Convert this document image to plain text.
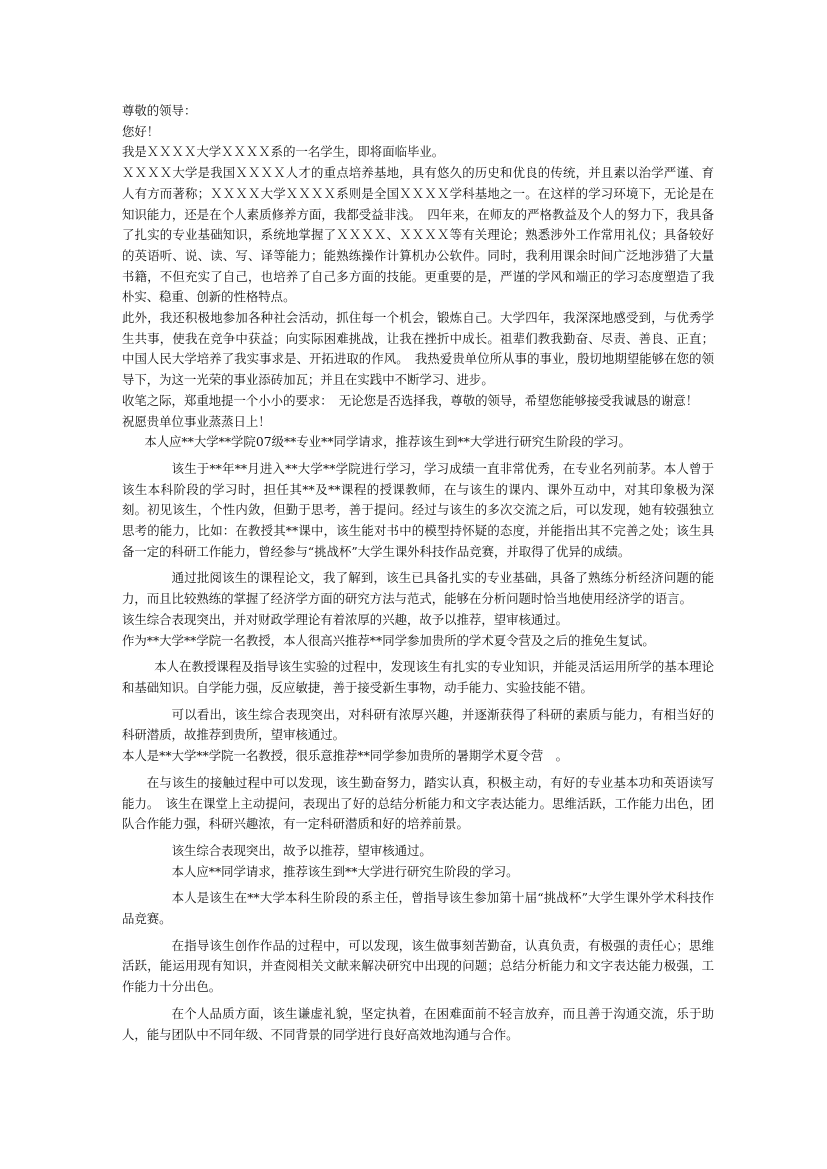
尊敬的领导：

您好！

我是ＸＸＸＸ大学ＸＸＸＸ系的一名学生，即将面临毕业。

ＸＸＸＸ大学是我国ＸＸＸＸ人才的重点培养基地，具有悠久的历史和优良的传统，并且素以治学严谨、育人有方而著称；ＸＸＸＸ大学ＸＸＸＸ系则是全国ＸＸＸＸ学科基地之一。在这样的学习环境下，无论是在知识能力，还是在个人素质修养方面，我都受益非浅。　四年来，在师友的严格教益及个人的努力下，我具备了扎实的专业基础知识，系统地掌握了ＸＸＸＸ、ＸＸＸＸ等有关理论；熟悉涉外工作常用礼仪；具备较好的英语听、说、读、写、译等能力；能熟练操作计算机办公软件。同时，我利用课余时间广泛地涉猎了大量书籍，不但充实了自己，也培养了自己多方面的技能。更重要的是，严谨的学风和端正的学习态度塑造了我朴实、稳重、创新的性格特点。

此外，我还积极地参加各种社会活动，抓住每一个机会，锻炼自己。大学四年，我深深地感受到，与优秀学生共事，使我在竞争中获益；向实际困难挑战，让我在挫折中成长。祖辈们教我勤奋、尽责、善良、正直；中国人民大学培养了我实事求是、开拓进取的作风。　我热爱贵单位所从事的事业，殷切地期望能够在您的领导下，为这一光荣的事业添砖加瓦；并且在实践中不断学习、进步。

收笔之际，郑重地提一个小小的要求：　无论您是否选择我，尊敬的领导，希望您能够接受我诚恳的谢意！

祝愿贵单位事业蒸蒸日上！

本人应**大学**学院07级**专业**同学请求，推荐该生到**大学进行研究生阶段的学习。

该生于**年**月进入**大学**学院进行学习，学习成绩一直非常优秀，在专业名列前茅。本人曾于该生本科阶段的学习时，担任其**及**课程的授课教师，在与该生的课内、课外互动中，对其印象极为深刻。初见该生，个性内敛，但勤于思考，善于提问。经过与该生的多次交流之后，可以发现，她有较强独立思考的能力，比如：在教授其**课中，该生能对书中的模型持怀疑的态度，并能指出其不完善之处；该生具备一定的科研工作能力，曾经参与“挑战杯”大学生课外科技作品竞赛，并取得了优异的成绩。

通过批阅该生的课程论文，我了解到，该生已具备扎实的专业基础，具备了熟练分析经济问题的能力，而且比较熟练的掌握了经济学方面的研究方法与范式，能够在分析问题时恰当地使用经济学的语言。

该生综合表现突出，并对财政学理论有着浓厚的兴趣，故予以推荐，望审核通过。

作为**大学**学院一名教授，本人很高兴推荐**同学参加贵所的学术夏令营及之后的推免生复试。

本人在教授课程及指导该生实验的过程中，发现该生有扎实的专业知识，并能灵活运用所学的基本理论和基础知识。自学能力强，反应敏捷，善于接受新生事物，动手能力、实验技能不错。

可以看出，该生综合表现突出，对科研有浓厚兴趣，并逐渐获得了科研的素质与能力，有相当好的科研潜质，故推荐到贵所，望审核通过。

本人是**大学**学院一名教授，很乐意推荐**同学参加贵所的暑期学术夏令营　。

在与该生的接触过程中可以发现，该生勤奋努力，踏实认真，积极主动，有好的专业基本功和英语读写能力。　该生在课堂上主动提问，表现出了好的总结分析能力和文字表达能力。思维活跃，工作能力出色，团队合作能力强，科研兴趣浓，有一定科研潜质和好的培养前景。

该生综合表现突出，故予以推荐，望审核通过。

本人应**同学请求，推荐该生到**大学进行研究生阶段的学习。

本人是该生在**大学本科生阶段的系主任，曾指导该生参加第十届“挑战杯”大学生课外学术科技作品竞赛。

在指导该生创作作品的过程中，可以发现，该生做事刻苦勤奋，认真负责，有极强的责任心；思维活跃，能运用现有知识，并查阅相关文献来解决研究中出现的问题；总结分析能力和文字表达能力极强，工作能力十分出色。

在个人品质方面，该生谦虚礼貌，坚定执着，在困难面前不轻言放弃，而且善于沟通交流，乐于助人，能与团队中不同年级、不同背景的同学进行良好高效地沟通与合作。
